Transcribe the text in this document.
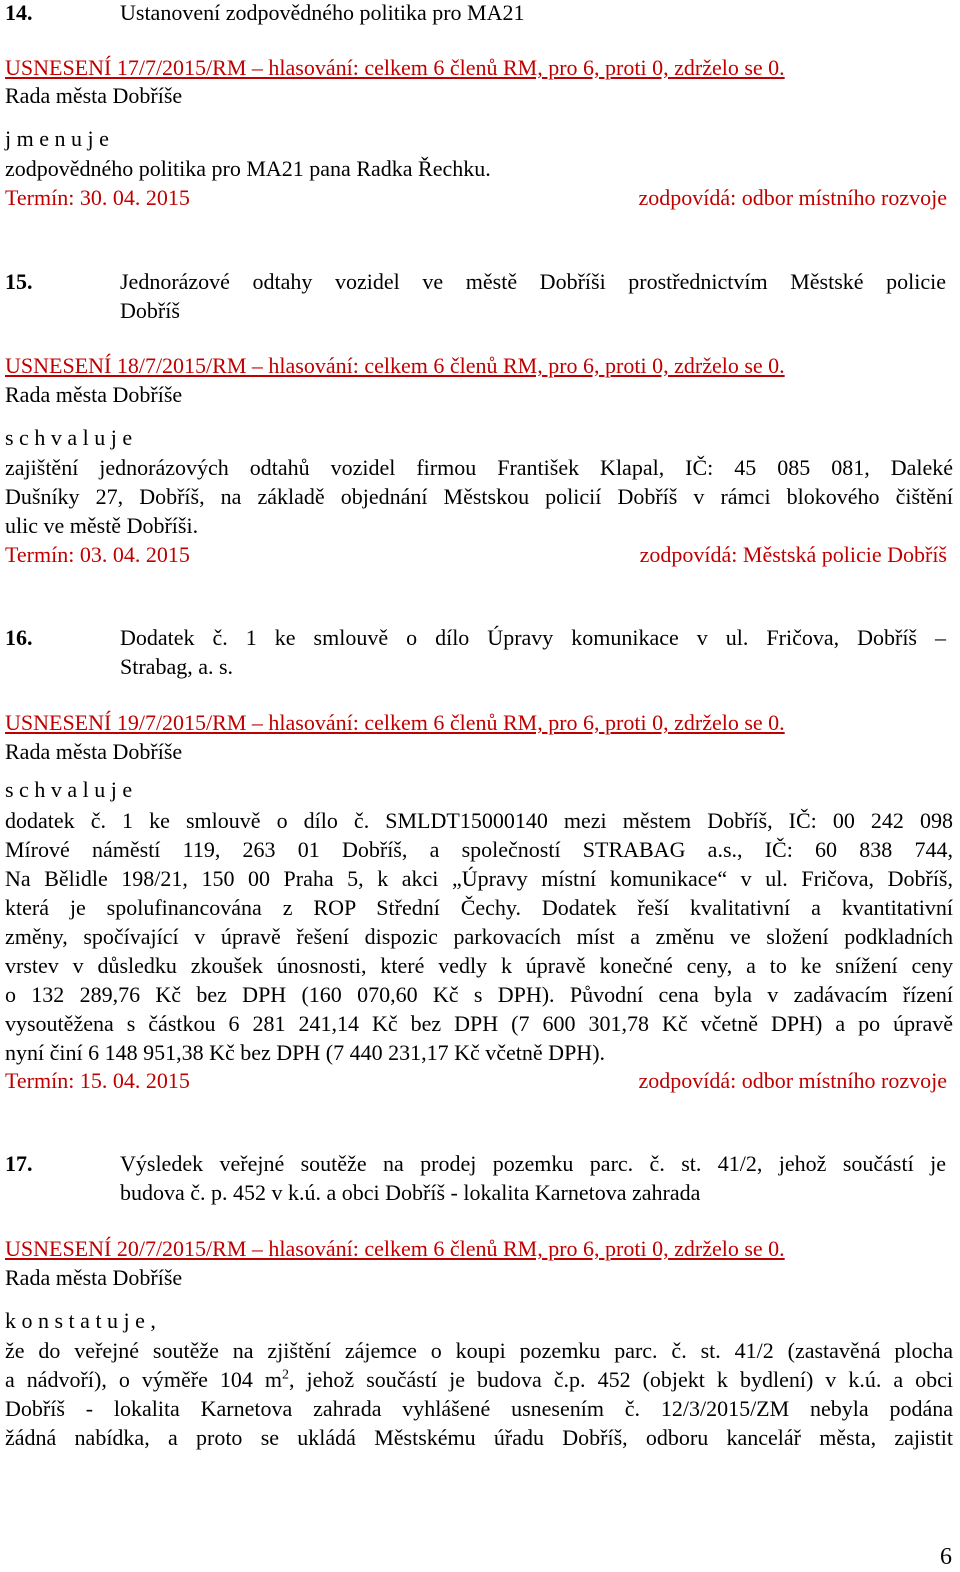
14.	Ustanovení zodpovědného politika pro MA21
USNESENÍ 17/7/2015/RM – hlasování: celkem 6 členů RM, pro 6, proti 0, zdrželo se 0.
Rada města Dobříše
j m e n u j e
zodpovědného politika pro MA21 pana Radka Řechku.
Termín: 30. 04. 2015	zodpovídá: odbor místního rozvoje
15.	Jednorázové odtahy vozidel ve městě Dobříši prostřednictvím Městské policie
Dobříš
USNESENÍ 18/7/2015/RM – hlasování: celkem 6 členů RM, pro 6, proti 0, zdrželo se 0.
Rada města Dobříše
s c h v a l u j e
zajištění jednorázových odtahů vozidel firmou František Klapal, IČ: 45 085 081, Daleké
Dušníky 27, Dobříš, na základě objednání Městskou policií Dobříš v rámci blokového čištění
ulic ve městě Dobříši.
Termín: 03. 04. 2015	zodpovídá: Městská policie Dobříš
16.	Dodatek č. 1 ke smlouvě o dílo Úpravy komunikace v ul. Fričova, Dobříš –
Strabag, a. s.
USNESENÍ 19/7/2015/RM – hlasování: celkem 6 členů RM, pro 6, proti 0, zdrželo se 0.
Rada města Dobříše
s c h v a l u j e
dodatek č. 1 ke smlouvě o dílo č. SMLDT15000140 mezi městem Dobříš, IČ: 00 242 098
Mírové náměstí 119, 263 01 Dobříš, a společností STRABAG a.s., IČ: 60 838 744,
Na Bělidle 198/21, 150 00 Praha 5, k akci „Úpravy místní komunikace“ v ul. Fričova, Dobříš,
která je spolufinancována z ROP Střední Čechy. Dodatek řeší kvalitativní a kvantitativní
změny, spočívající v úpravě řešení dispozic parkovacích míst a změnu ve složení podkladních
vrstev v důsledku zkoušek únosnosti, které vedly k úpravě konečné ceny, a to ke snížení ceny
o 132 289,76 Kč bez DPH (160 070,60 Kč s DPH). Původní cena byla v zadávacím řízení
vysoutěžena s částkou 6 281 241,14 Kč bez DPH (7 600 301,78 Kč včetně DPH) a po úpravě
nyní činí 6 148 951,38 Kč bez DPH (7 440 231,17 Kč včetně DPH).
Termín: 15. 04. 2015	zodpovídá: odbor místního rozvoje
17.	Výsledek veřejné soutěže na prodej pozemku parc. č. st. 41/2, jehož součástí je
budova č. p. 452 v k.ú. a obci Dobříš - lokalita Karnetova zahrada
USNESENÍ 20/7/2015/RM – hlasování: celkem 6 členů RM, pro 6, proti 0, zdrželo se 0.
Rada města Dobříše
k o n s t a t u j e ,
že do veřejné soutěže na zjištění zájemce o koupi pozemku parc. č. st. 41/2 (zastavěná plocha
a nádvoří), o výměře 104 $m^2$, jehož součástí je budova č.p. 452 (objekt k bydlení) v k.ú. a obci
Dobříš - lokalita Karnetova zahrada vyhlášené usnesením č. 12/3/2015/ZM nebyla podána
žádná nabídka, a proto se ukládá Městskému úřadu Dobříš, odboru kancelář města, zajistit
6
